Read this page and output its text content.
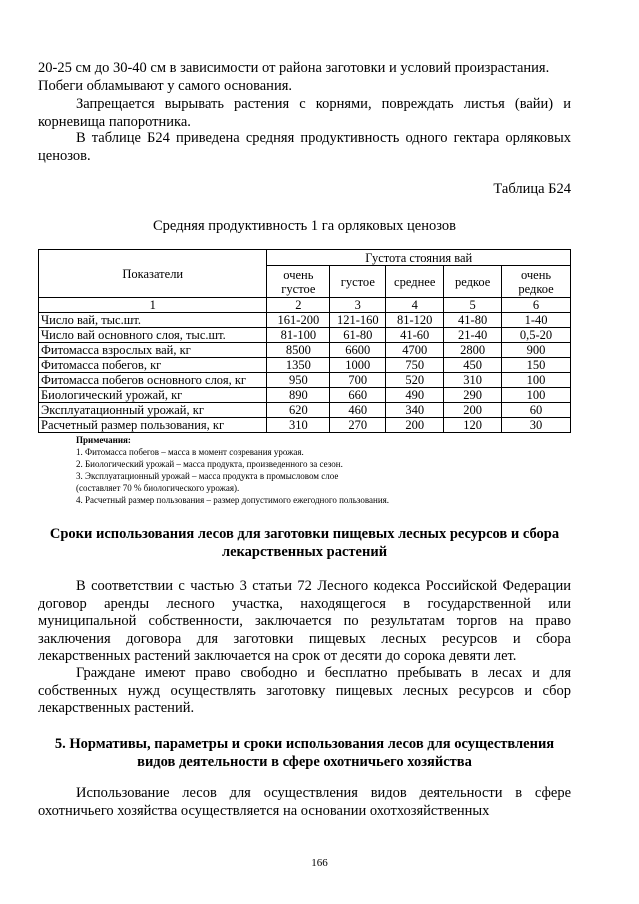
20-25 см до 30-40 см в зависимости от района заготовки и условий произрастания.

Побеги обламывают у самого основания.

Запрещается вырывать растения с корнями, повреждать листья (вайи) и корневища папоротника.

В таблице Б24 приведена средняя продуктивность одного гектара орляковых ценозов.

Таблица Б24

Средняя продуктивность 1 га орляковых ценозов

Показатели	Густота стояния вай				
	очень густое	густое	среднее	редкое	очень редкое
1	2	3	4	5	6
Число вай, тыс.шт.	161-200	121-160	81-120	41-80	1-40
Число вай основного слоя, тыс.шт.	81-100	61-80	41-60	21-40	0,5-20
Фитомасса взрослых вай, кг	8500	6600	4700	2800	900
Фитомасса побегов, кг	1350	1000	750	450	150
Фитомасса побегов основного слоя, кг	950	700	520	310	100
Биологический урожай, кг	890	660	490	290	100
Эксплуатационный урожай, кг	620	460	340	200	60
Расчетный размер пользования, кг	310	270	200	120	30
Примечания:
1. Фитомасса побегов – масса в момент созревания урожая.
2. Биологический урожай – масса продукта, произведенного за сезон.
3. Эксплуатационный урожай – масса продукта в промысловом слое
(составляет 70 % биологического урожая).
4. Расчетный размер пользования – размер допустимого ежегодного пользования.

Сроки использования лесов для заготовки пищевых лесных ресурсов и сбора лекарственных растений

В соответствии с частью 3 статьи 72 Лесного кодекса Российской Федерации договор аренды лесного участка, находящегося в государственной или муниципальной собственности, заключается по результатам торгов на право заключения договора для заготовки пищевых лесных ресурсов и сбора лекарственных растений заключается на срок от десяти до сорока девяти лет.

Граждане имеют право свободно и бесплатно пребывать в лесах и для собственных нужд осуществлять заготовку пищевых лесных ресурсов и сбор лекарственных растений.

5. Нормативы, параметры и сроки использования лесов для осуществления видов деятельности в сфере охотничьего хозяйства

Использование лесов для осуществления видов деятельности в сфере охотничьего хозяйства осуществляется на основании охотхозяйственных

166
